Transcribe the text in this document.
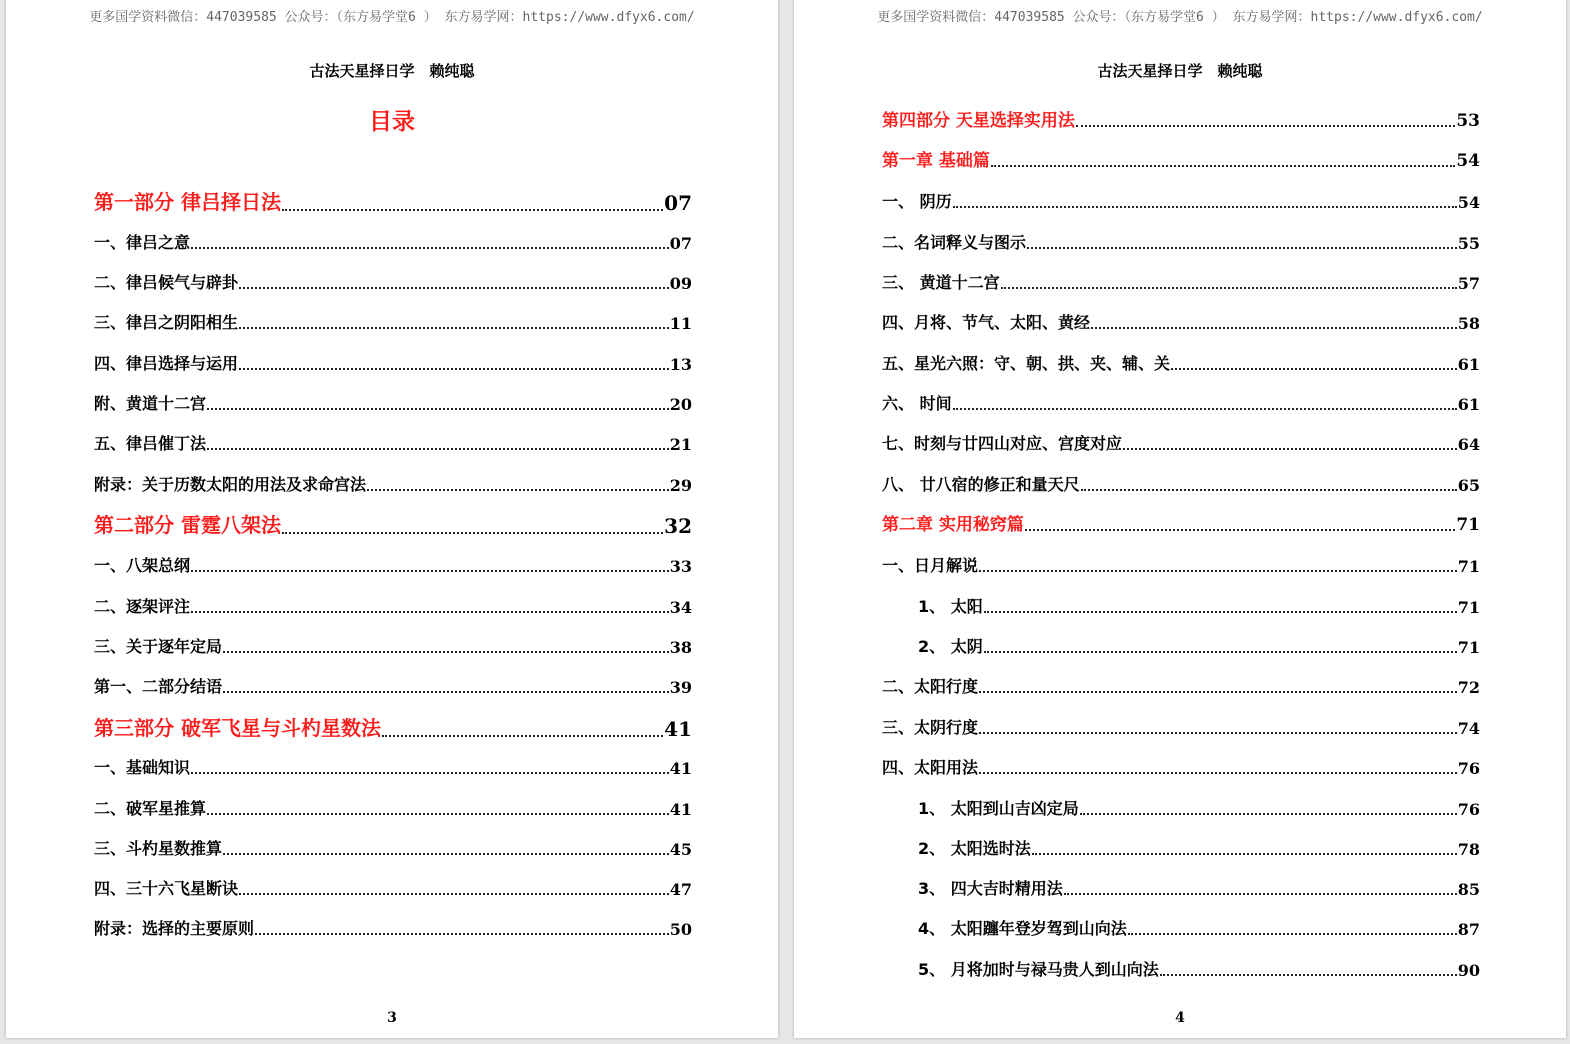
更多国学资料微信：447039585 公众号：（东方易学堂6 ） 东方易学网：https://www.dfyx6.com/
古法天星择日学　赖纯聪
目录
第一部分 律吕择日法	07
一、律吕之意	07
二、律吕候气与辟卦	09
三、律吕之阴阳相生	11
四、律吕选择与运用	13
附、黄道十二宫	20
五、律吕催丁法	21
附录：关于历数太阳的用法及求命宫法	29
第二部分 雷霆八架法	32
一、八架总纲	33
二、逐架评注	34
三、关于逐年定局	38
第一、二部分结语	39
第三部分 破军飞星与斗杓星数法	41
一、基础知识	41
二、破军星推算	41
三、斗杓星数推算	45
四、三十六飞星断诀	47
附录：选择的主要原则	50
3
更多国学资料微信：447039585 公众号：（东方易学堂6 ） 东方易学网：https://www.dfyx6.com/
古法天星择日学　赖纯聪
第四部分 天星选择实用法	53
第一章 基础篇	54
一、 阴历	54
二、名词释义与图示	55
三、 黄道十二宫	57
四、月将、节气、太阳、黄经	58
五、星光六照：守、朝、拱、夹、辅、关	61
六、 时间	61
七、时刻与廿四山对应、宫度对应	64
八、 廿八宿的修正和量天尺	65
第二章 实用秘窍篇	71
一、日月解说	71
1、 太阳	71
2、 太阴	71
二、太阳行度	72
三、太阴行度	74
四、太阳用法	76
1、 太阳到山吉凶定局	76
2、 太阳选时法	78
3、 四大吉时精用法	85
4、 太阳躔年登岁驾到山向法	87
5、 月将加时与禄马贵人到山向法	90
4
